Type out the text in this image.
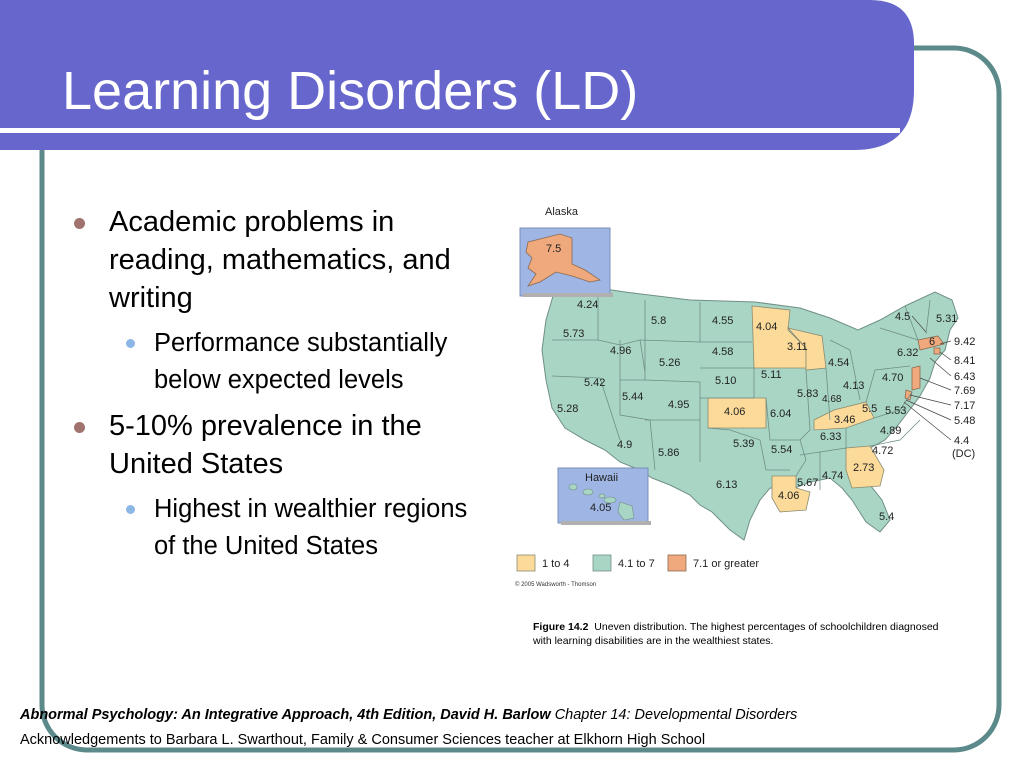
Learning Disorders (LD)
Academic problems in reading, mathematics, and writing
Performance substantially below expected levels
5-10% prevalence in the United States
Highest in wealthier regions of the United States
Alaska
7.5
Hawaii
4.05
4.24
5.73
5.28
4.96
5.42
5.8
5.26
5.44
4.9
4.95
5.86
4.55
4.58
5.10
4.06
5.39
6.13
4.04
5.11
6.04
5.54
4.06
3.11
5.83
4.54
4.13
3.46
6.33
5.67
4.74
2.73
5.4
4.72
4.89
5.53
5.5
4.68
4.70
6.32
4.5 5.31
6 9.42
8.41
6.43
7.69
7.17
5.48
4.4
(DC)
1 to 4	4.1 to 7	7.1 or greater
© 2005 Wadsworth - Thomson
Figure 14.2 Uneven distribution. The highest percentages of schoolchildren diagnosed with learning disabilities are in the wealthiest states.
Abnormal Psychology: An Integrative Approach, 4th Edition, David H. Barlow Chapter 14: Developmental Disorders
Acknowledgements to Barbara L. Swarthout, Family & Consumer Sciences teacher at Elkhorn High School
